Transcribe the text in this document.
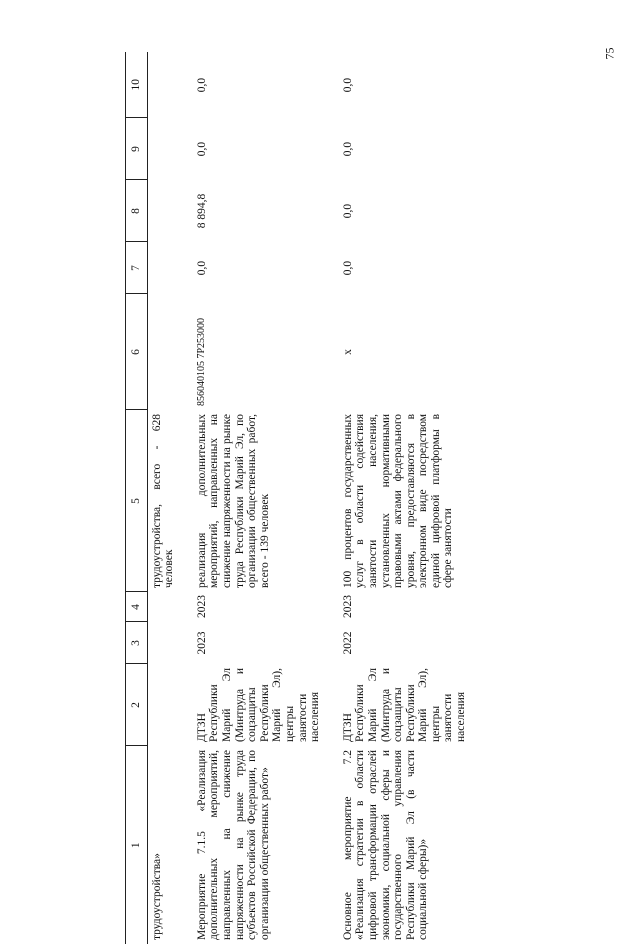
75
1	2	3	4	5	6	7	8	9	10
трудоустройства»				трудоустройства, всего - 628 человек					

Мероприятие 7.1.5 «Реализация дополнительных мероприятий, направленных на снижение напряженности на рынке труда субъектов Российской Федерации, по организации общественных работ»	ДТЗН Республики Марий Эл (Минтруда и соцзащиты Республики Марий Эл), центры занятости населения	2023	2023	реализация дополнительных мероприятий, направленных на снижение напряженности на рынке труда Республики Марий Эл, по организации общественных работ, всего - 139 человек	856040105 7P253000	0,0	8 894,8	0,0	0,0

Основное мероприятие 7.2 «Реализация стратегии в области цифровой трансформации отраслей экономики, социальной сферы и государственного управления Республики Марий Эл (в части социальной сферы)»	ДТЗН Республики Марий Эл (Минтруда и соцзащиты Республики Марий Эл), центры занятости населения	2022	2023	100 процентов государственных услуг в области содействия занятости населения, установленных нормативными правовыми актами федерального уровня, предоставляются в электронном виде посредством единой цифровой платформы в сфере занятости	x	0,0	0,0	0,0	0,0
